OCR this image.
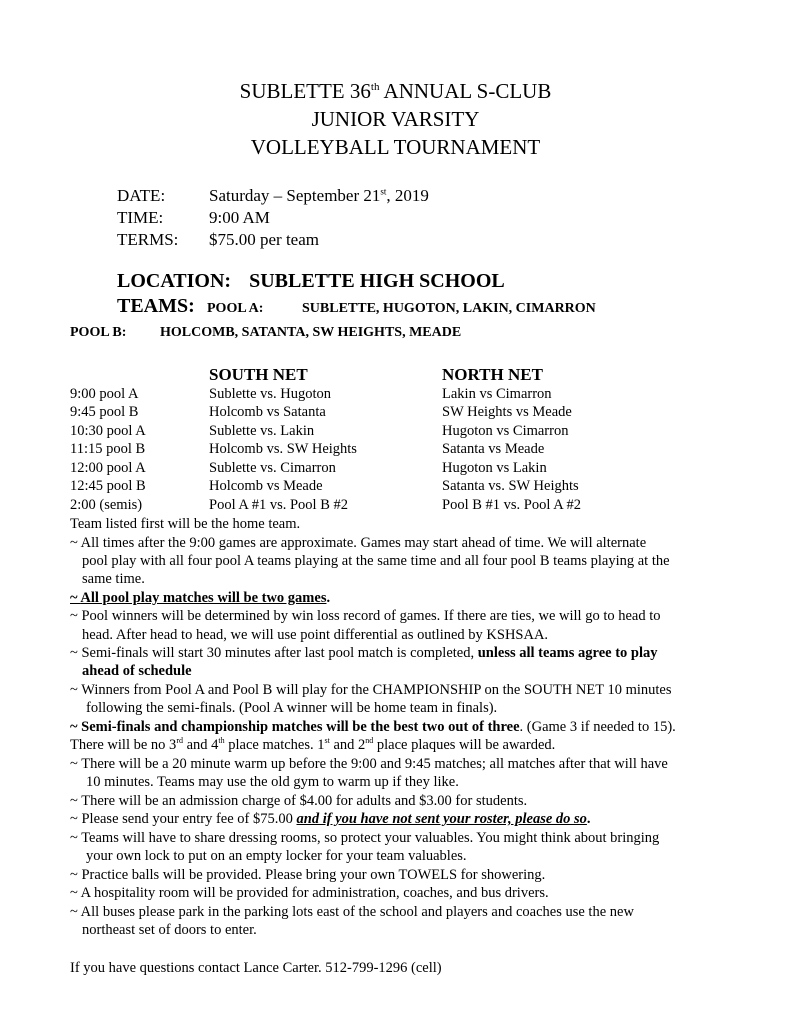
SUBLETTE 36th ANNUAL S-CLUB
JUNIOR VARSITY
VOLLEYBALL TOURNAMENT
DATE:	Saturday – September 21st, 2019
TIME:	9:00 AM
TERMS: $75.00 per team
LOCATION: SUBLETTE HIGH SCHOOL
TEAMS: POOL A:	SUBLETTE, HUGOTON, LAKIN, CIMARRON
POOL B: HOLCOMB, SATANTA, SW HEIGHTS, MEADE
SOUTH NET	NORTH NET
9:00 pool A	Sublette vs. Hugoton	Lakin vs Cimarron
9:45 pool B	Holcomb vs Satanta	SW Heights vs Meade
10:30 pool A	Sublette vs. Lakin	Hugoton vs Cimarron
11:15 pool B	Holcomb vs. SW Heights	Satanta vs Meade
12:00 pool A	Sublette vs. Cimarron	Hugoton vs Lakin
12:45 pool B	Holcomb vs Meade	Satanta vs. SW Heights
2:00 (semis)	Pool A #1 vs. Pool B #2	Pool B #1 vs. Pool A #2
Team listed first will be the home team.
~ All times after the 9:00 games are approximate. Games may start ahead of time. We will alternate
pool play with all four pool A teams playing at the same time and all four pool B teams playing at the
same time.
~ All pool play matches will be two games.
~ Pool winners will be determined by win loss record of games. If there are ties, we will go to head to
head. After head to head, we will use point differential as outlined by KSHSAA.
~ Semi-finals will start 30 minutes after last pool match is completed, unless all teams agree to play
ahead of schedule
~ Winners from Pool A and Pool B will play for the CHAMPIONSHIP on the SOUTH NET 10 minutes
following the semi-finals. (Pool A winner will be home team in finals).
~ Semi-finals and championship matches will be the best two out of three. (Game 3 if needed to 15).
There will be no 3rd and 4th place matches. 1st and 2nd place plaques will be awarded.
~ There will be a 20 minute warm up before the 9:00 and 9:45 matches; all matches after that will have
10 minutes. Teams may use the old gym to warm up if they like.
~ There will be an admission charge of $4.00 for adults and $3.00 for students.
~ Please send your entry fee of $75.00 and if you have not sent your roster, please do so.
~ Teams will have to share dressing rooms, so protect your valuables. You might think about bringing
your own lock to put on an empty locker for your team valuables.
~ Practice balls will be provided. Please bring your own TOWELS for showering.
~ A hospitality room will be provided for administration, coaches, and bus drivers.
~ All buses please park in the parking lots east of the school and players and coaches use the new
northeast set of doors to enter.
If you have questions contact Lance Carter. 512-799-1296 (cell)
